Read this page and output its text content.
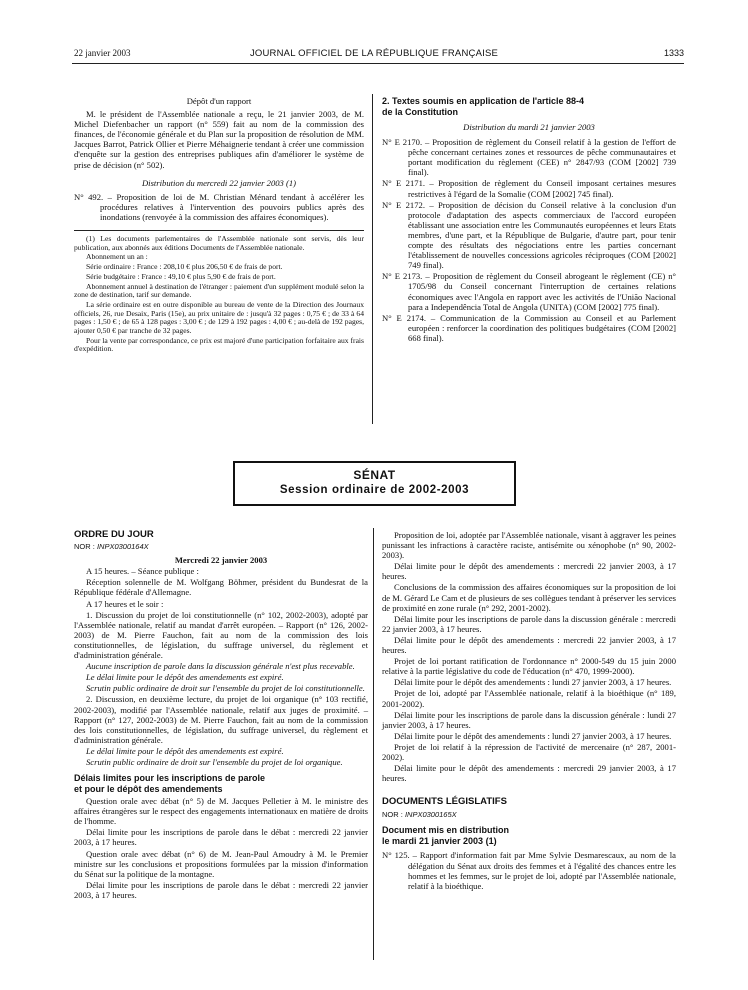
22 janvier 2003	JOURNAL OFFICIEL DE LA RÉPUBLIQUE FRANÇAISE	1333

Dépôt d'un rapport

M. le président de l'Assemblée nationale a reçu, le 21 janvier 2003, de M. Michel Diefenbacher un rapport (n° 559) fait au nom de la commission des finances, de l'économie générale et du Plan sur la proposition de résolution de MM. Jacques Barrot, Patrick Ollier et Pierre Méhaignerie tendant à créer une commission d'enquête sur la gestion des entreprises publiques afin d'améliorer le système de prise de décision (n° 502).

Distribution du mercredi 22 janvier 2003 (1)

N° 492. – Proposition de loi de M. Christian Ménard tendant à accélérer les procédures relatives à l'intervention des pouvoirs publics après des inondations (renvoyée à la commission des affaires économiques).

(1) Les documents parlementaires de l'Assemblée nationale sont servis, dès leur publication, aux abonnés aux éditions Documents de l'Assemblée nationale.

Abonnement un an :

Série ordinaire : France : 208,10 € plus 206,50 € de frais de port.

Série budgétaire : France : 49,10 € plus 5,90 € de frais de port.

Abonnement annuel à destination de l'étranger : paiement d'un supplément modulé selon la zone de destination, tarif sur demande.

La série ordinaire est en outre disponible au bureau de vente de la Direction des Journaux officiels, 26, rue Desaix, Paris (15e), au prix unitaire de : jusqu'à 32 pages : 0,75 € ; de 33 à 64 pages : 1,50 € ; de 65 à 128 pages : 3,00 € ; de 129 à 192 pages : 4,00 € ; au-delà de 192 pages, ajouter 0,50 € par tranche de 32 pages.

Pour la vente par correspondance, ce prix est majoré d'une participation forfaitaire aux frais d'expédition.

2. Textes soumis en application de l'article 88-4

de la Constitution

Distribution du mardi 21 janvier 2003

N° E 2170. – Proposition de règlement du Conseil relatif à la gestion de l'effort de pêche concernant certaines zones et ressources de pêche communautaires et portant modification du règlement (CEE) n° 2847/93 (COM [2002] 739 final).

N° E 2171. – Proposition de règlement du Conseil imposant certaines mesures restrictives à l'égard de la Somalie (COM [2002] 745 final).

N° E 2172. – Proposition de décision du Conseil relative à la conclusion d'un protocole d'adaptation des aspects commerciaux de l'accord européen établissant une association entre les Communautés européennes et leurs Etats membres, d'une part, et la République de Bulgarie, d'autre part, pour tenir compte des résultats des négociations entre les parties concernant l'établissement de nouvelles concessions agricoles réciproques (COM [2002] 749 final).

N° E 2173. – Proposition de règlement du Conseil abrogeant le règlement (CE) n° 1705/98 du Conseil concernant l'interruption de certaines relations économiques avec l'Angola en rapport avec les activités de l'União Nacional para a Independência Total de Angola (UNITA) (COM [2002] 775 final).

N° E 2174. – Communication de la Commission au Conseil et au Parlement européen : renforcer la coordination des politiques budgétaires (COM [2002] 668 final).

SÉNAT
Session ordinaire de 2002-2003

ORDRE DU JOUR

NOR : INPX0300164X

Mercredi 22 janvier 2003

A 15 heures. – Séance publique :

Réception solennelle de M. Wolfgang Böhmer, président du Bundesrat de la République fédérale d'Allemagne.

A 17 heures et le soir :

1. Discussion du projet de loi constitutionnelle (n° 102, 2002-2003), adopté par l'Assemblée nationale, relatif au mandat d'arrêt européen. – Rapport (n° 126, 2002-2003) de M. Pierre Fauchon, fait au nom de la commission des lois constitutionnelles, de législation, du suffrage universel, du règlement et d'administration générale.

Aucune inscription de parole dans la discussion générale n'est plus recevable.

Le délai limite pour le dépôt des amendements est expiré.

Scrutin public ordinaire de droit sur l'ensemble du projet de loi constitutionnelle.

2. Discussion, en deuxième lecture, du projet de loi organique (n° 103 rectifié, 2002-2003), modifié par l'Assemblée nationale, relatif aux juges de proximité. – Rapport (n° 127, 2002-2003) de M. Pierre Fauchon, fait au nom de la commission des lois constitutionnelles, de législation, du suffrage universel, du règlement et d'administration générale.

Le délai limite pour le dépôt des amendements est expiré.

Scrutin public ordinaire de droit sur l'ensemble du projet de loi organique.

Délais limites pour les inscriptions de parole

et pour le dépôt des amendements

Question orale avec débat (n° 5) de M. Jacques Pelletier à M. le ministre des affaires étrangères sur le respect des engagements internationaux en matière de droits de l'homme.

Délai limite pour les inscriptions de parole dans le débat : mercredi 22 janvier 2003, à 17 heures.

Question orale avec débat (n° 6) de M. Jean-Paul Amoudry à M. le Premier ministre sur les conclusions et propositions formulées par la mission d'information du Sénat sur la politique de la montagne.

Délai limite pour les inscriptions de parole dans le débat : mercredi 22 janvier 2003, à 17 heures.

Proposition de loi, adoptée par l'Assemblée nationale, visant à aggraver les peines punissant les infractions à caractère raciste, antisémite ou xénophobe (n° 90, 2002-2003).

Délai limite pour le dépôt des amendements : mercredi 22 janvier 2003, à 17 heures.

Conclusions de la commission des affaires économiques sur la proposition de loi de M. Gérard Le Cam et de plusieurs de ses collègues tendant à préserver les services de proximité en zone rurale (n° 292, 2001-2002).

Délai limite pour les inscriptions de parole dans la discussion générale : mercredi 22 janvier 2003, à 17 heures.

Délai limite pour le dépôt des amendements : mercredi 22 janvier 2003, à 17 heures.

Projet de loi portant ratification de l'ordonnance n° 2000-549 du 15 juin 2000 relative à la partie législative du code de l'éducation (n° 470, 1999-2000).

Délai limite pour le dépôt des amendements : lundi 27 janvier 2003, à 17 heures.

Projet de loi, adopté par l'Assemblée nationale, relatif à la bioéthique (n° 189, 2001-2002).

Délai limite pour les inscriptions de parole dans la discussion générale : lundi 27 janvier 2003, à 17 heures.

Délai limite pour le dépôt des amendements : lundi 27 janvier 2003, à 17 heures.

Projet de loi relatif à la répression de l'activité de mercenaire (n° 287, 2001-2002).

Délai limite pour le dépôt des amendements : mercredi 29 janvier 2003, à 17 heures.

DOCUMENTS LÉGISLATIFS

NOR : INPX0300165X

Document mis en distribution

le mardi 21 janvier 2003 (1)

N° 125. – Rapport d'information fait par Mme Sylvie Desmarescaux, au nom de la délégation du Sénat aux droits des femmes et à l'égalité des chances entre les hommes et les femmes, sur le projet de loi, adopté par l'Assemblée nationale, relatif à la bioéthique.
